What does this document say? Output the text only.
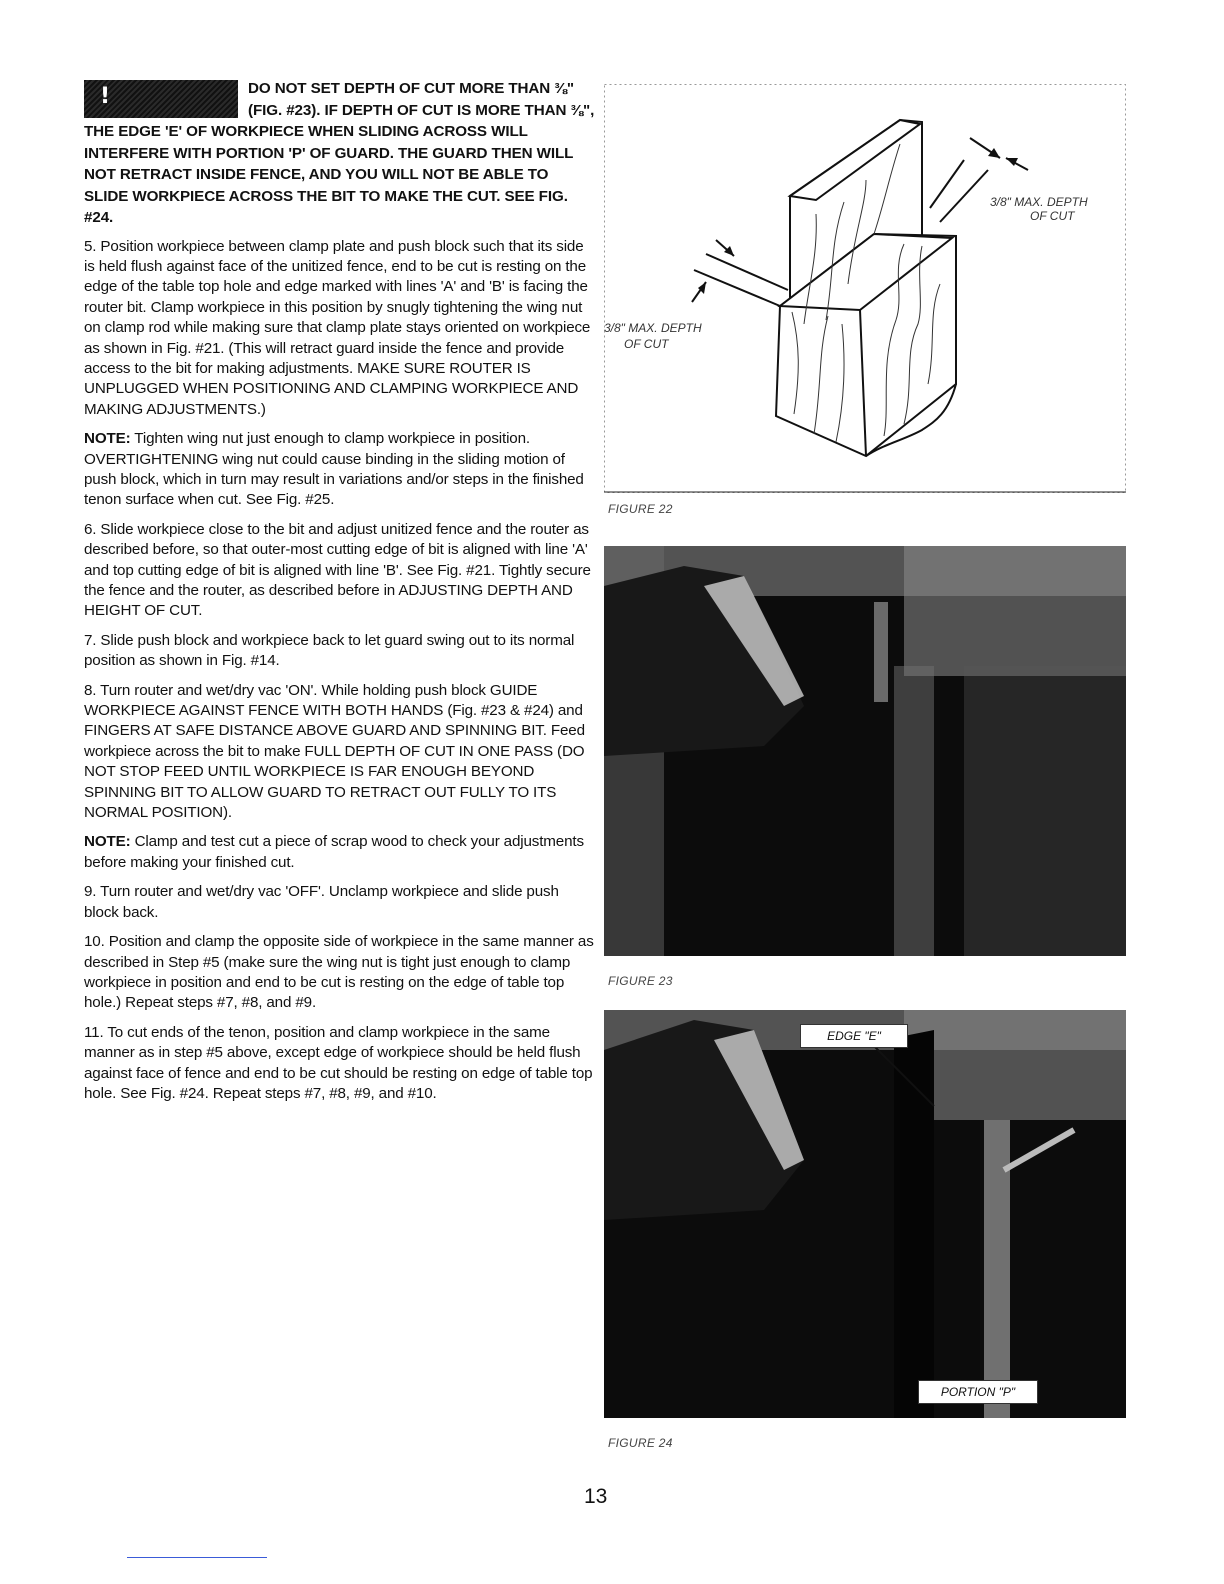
!	DO NOT SET DEPTH OF CUT MORE THAN ⅜" (FIG. #23). IF DEPTH OF CUT IS MORE THAN ⅜", THE EDGE 'E' OF WORKPIECE WHEN SLIDING ACROSS WILL INTERFERE WITH PORTION 'P' OF GUARD. THE GUARD THEN WILL NOT RETRACT INSIDE FENCE, AND YOU WILL NOT BE ABLE TO SLIDE WORKPIECE ACROSS THE BIT TO MAKE THE CUT. SEE FIG. #24.

5. Position workpiece between clamp plate and push block such that its side is held flush against face of the unitized fence, end to be cut is resting on the edge of the table top hole and edge marked with lines 'A' and 'B' is facing the router bit. Clamp workpiece in this position by snugly tightening the wing nut on clamp rod while making sure that clamp plate stays oriented on workpiece as shown in Fig. #21. (This will retract guard inside the fence and provide access to the bit for making adjustments. MAKE SURE ROUTER IS UNPLUGGED WHEN POSITIONING AND CLAMPING WORKPIECE AND MAKING ADJUSTMENTS.)

NOTE: Tighten wing nut just enough to clamp workpiece in position. OVERTIGHTENING wing nut could cause binding in the sliding motion of push block, which in turn may result in variations and/or steps in the finished tenon surface when cut. See Fig. #25.

6. Slide workpiece close to the bit and adjust unitized fence and the router as described before, so that outer-most cutting edge of bit is aligned with line 'A' and top cutting edge of bit is aligned with line 'B'. See Fig. #21. Tightly secure the fence and the router, as described before in ADJUSTING DEPTH AND HEIGHT OF CUT.

7. Slide push block and workpiece back to let guard swing out to its normal position as shown in Fig. #14.

8. Turn router and wet/dry vac 'ON'. While holding push block GUIDE WORKPIECE AGAINST FENCE WITH BOTH HANDS (Fig. #23 & #24) and FINGERS AT SAFE DISTANCE ABOVE GUARD AND SPINNING BIT. Feed workpiece across the bit to make FULL DEPTH OF CUT IN ONE PASS (DO NOT STOP FEED UNTIL WORKPIECE IS FAR ENOUGH BEYOND SPINNING BIT TO ALLOW GUARD TO RETRACT OUT FULLY TO ITS NORMAL POSITION).

NOTE: Clamp and test cut a piece of scrap wood to check your adjustments before making your finished cut.

9. Turn router and wet/dry vac 'OFF'. Unclamp workpiece and slide push block back.

10. Position and clamp the opposite side of workpiece in the same manner as described in Step #5 (make sure the wing nut is tight just enough to clamp workpiece in position and end to be cut is resting on the edge of table top hole.) Repeat steps #7, #8, and #9.

11. To cut ends of the tenon, position and clamp workpiece in the same manner as in step #5 above, except edge of workpiece should be held flush against face of fence and end to be cut should be resting on edge of table top hole. See Fig. #24. Repeat steps #7, #8, #9, and #10.

3/8" MAX. DEPTH
OF CUT
3/8" MAX. DEPTH
OF CUT
FIGURE 22
FIGURE 23
EDGE "E"
PORTION "P"
FIGURE 24
13
